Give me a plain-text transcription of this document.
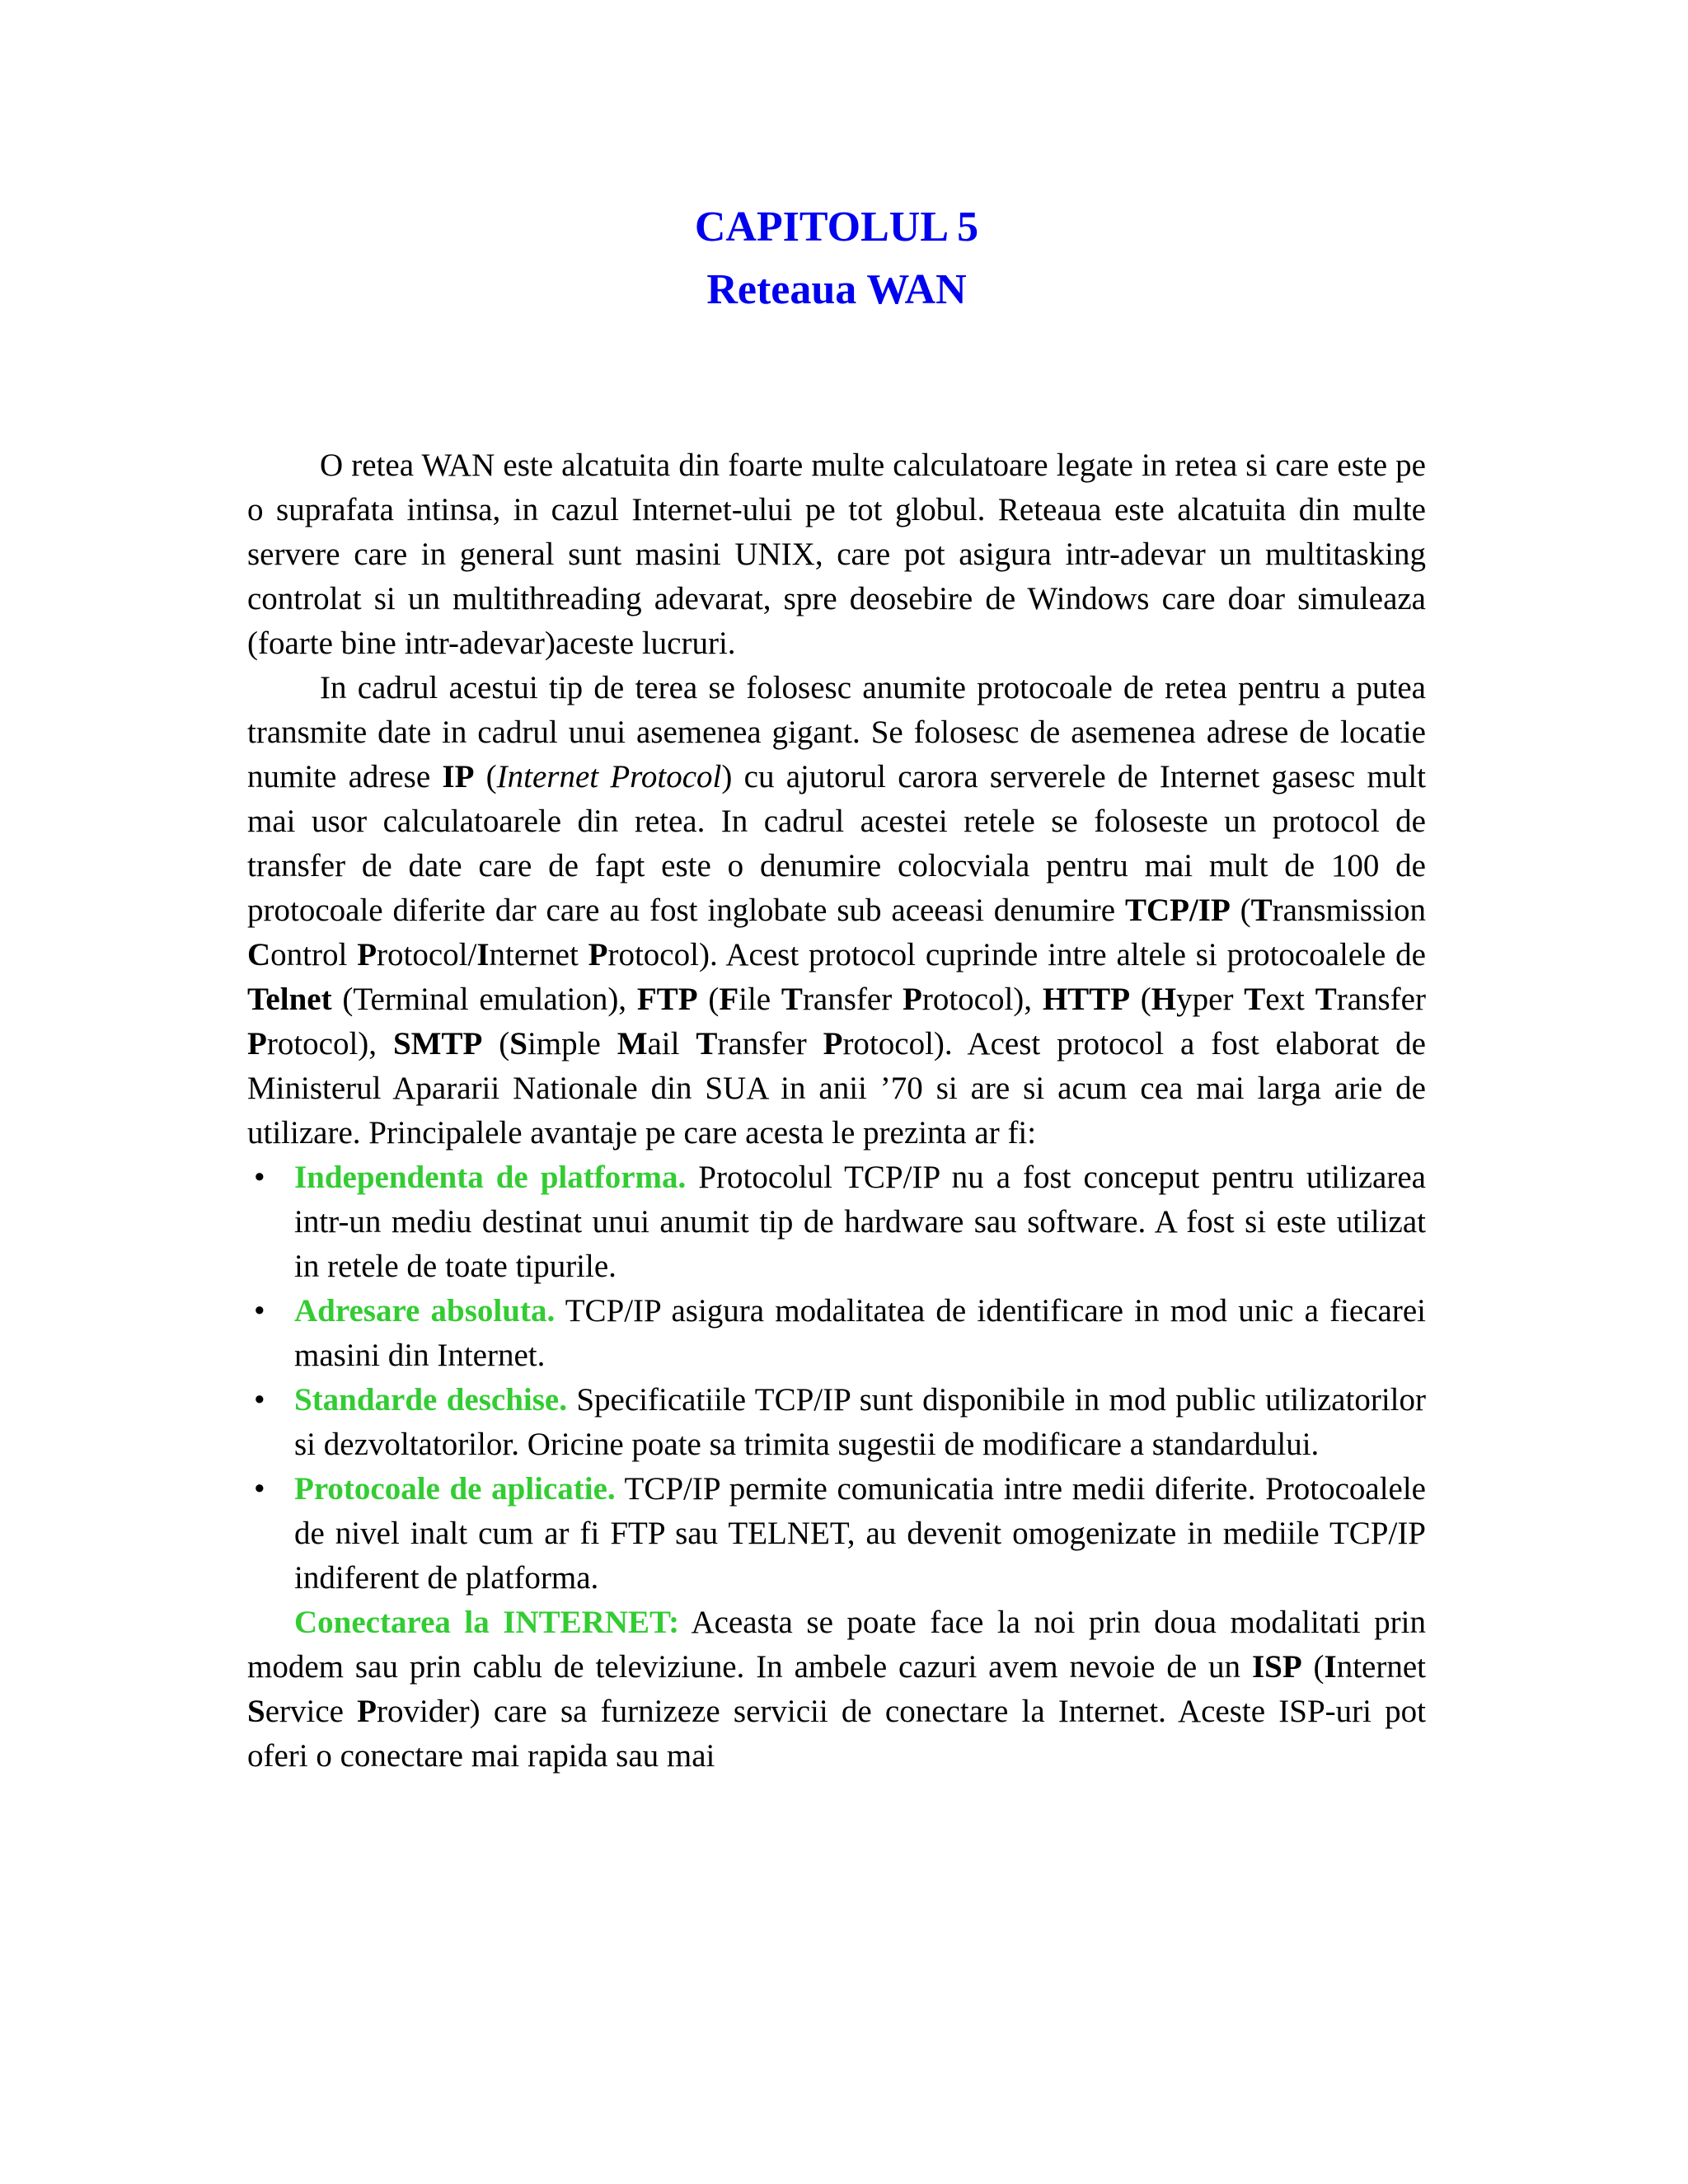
CAPITOLUL 5
Reteaua WAN

O retea WAN este alcatuita din foarte multe calculatoare legate in retea si care este pe o suprafata intinsa, in cazul Internet-ului pe tot globul. Reteaua este alcatuita din multe servere care in general sunt masini UNIX, care pot asigura intr-adevar un multitasking controlat si un multithreading adevarat, spre deosebire de Windows care doar simuleaza (foarte bine intr-adevar)aceste lucruri.

In cadrul acestui tip de terea se folosesc anumite protocoale de retea pentru a putea transmite date in cadrul unui asemenea gigant. Se folosesc de asemenea adrese de locatie numite adrese IP (Internet Protocol) cu ajutorul carora serverele de Internet gasesc mult mai usor calculatoarele din retea. In cadrul acestei retele se foloseste un protocol de transfer de date care de fapt este o denumire colocviala pentru mai mult de 100 de protocoale diferite dar care au fost inglobate sub aceeasi denumire TCP/IP (Transmission Control Protocol/Internet Protocol). Acest protocol cuprinde intre altele si protocoalele de Telnet (Terminal emulation), FTP (File Transfer Protocol), HTTP (Hyper Text Transfer Protocol), SMTP (Simple Mail Transfer Protocol). Acest protocol a fost elaborat de Ministerul Apararii Nationale din SUA in anii ’70 si are si acum cea mai larga arie de utilizare. Principalele avantaje pe care acesta le prezinta ar fi:

• Independenta de platforma. Protocolul TCP/IP nu a fost conceput pentru utilizarea intr-un mediu destinat unui anumit tip de hardware sau software. A fost si este utilizat in retele de toate tipurile.
• Adresare absoluta. TCP/IP asigura modalitatea de identificare in mod unic a fiecarei masini din Internet.
• Standarde deschise. Specificatiile TCP/IP sunt disponibile in mod public utilizatorilor si dezvoltatorilor. Oricine poate sa trimita sugestii de modificare a standardului.
• Protocoale de aplicatie. TCP/IP permite comunicatia intre medii diferite. Protocoalele de nivel inalt cum ar fi FTP sau TELNET, au devenit omogenizate in mediile TCP/IP indiferent de platforma.

Conectarea la INTERNET: Aceasta se poate face la noi prin doua modalitati prin modem sau prin cablu de televiziune. In ambele cazuri avem nevoie de un ISP (Internet Service Provider) care sa furnizeze servicii de conectare la Internet. Aceste ISP-uri pot oferi o conectare mai rapida sau mai
